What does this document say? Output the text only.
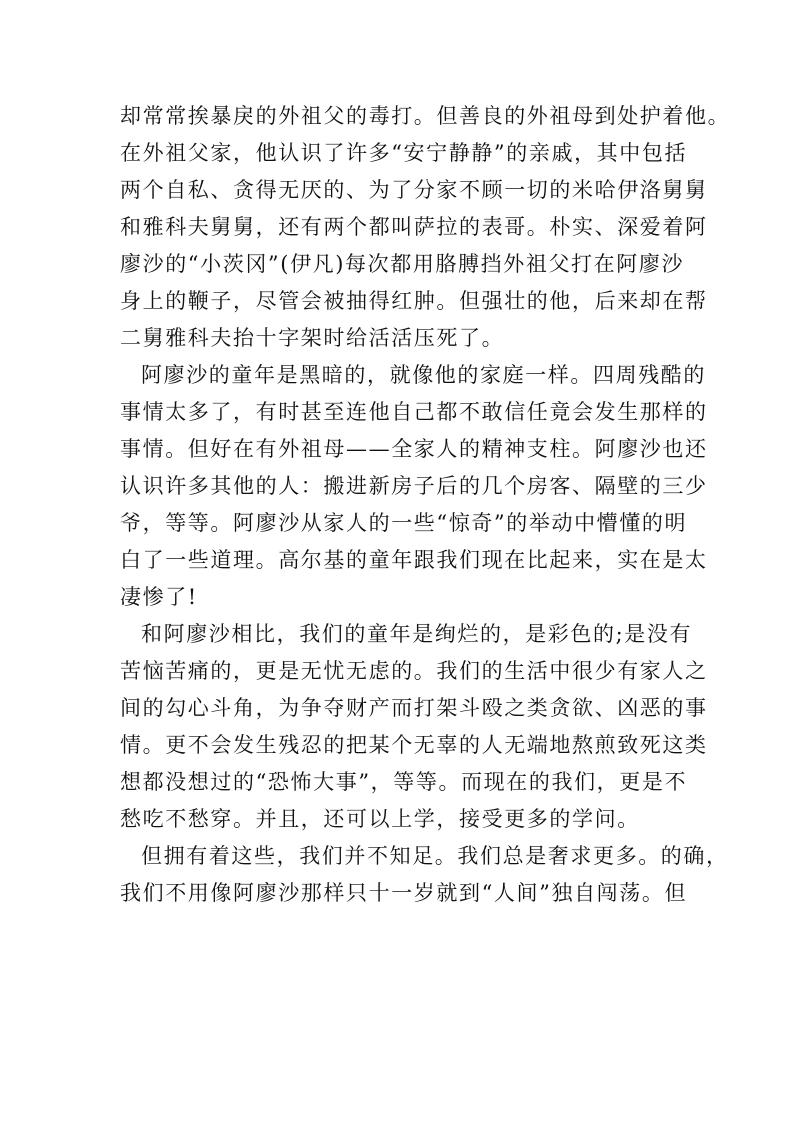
却常常挨暴戾的外祖父的毒打。但善良的外祖母到处护着他。

在外祖父家，他认识了许多“安宁静静”的亲戚，其中包括

两个自私、贪得无厌的、为了分家不顾一切的米哈伊洛舅舅

和雅科夫舅舅，还有两个都叫萨拉的表哥。朴实、深爱着阿

廖沙的“小茨冈”(伊凡)每次都用胳膊挡外祖父打在阿廖沙

身上的鞭子，尽管会被抽得红肿。但强壮的他，后来却在帮

二舅雅科夫抬十字架时给活活压死了。

阿廖沙的童年是黑暗的，就像他的家庭一样。四周残酷的

事情太多了，有时甚至连他自己都不敢信任竟会发生那样的

事情。但好在有外祖母——全家人的精神支柱。阿廖沙也还

认识许多其他的人：搬进新房子后的几个房客、隔壁的三少

爷，等等。阿廖沙从家人的一些“惊奇”的举动中懵懂的明

白了一些道理。高尔基的童年跟我们现在比起来，实在是太

凄惨了!

和阿廖沙相比，我们的童年是绚烂的，是彩色的;是没有

苦恼苦痛的，更是无忧无虑的。我们的生活中很少有家人之

间的勾心斗角，为争夺财产而打架斗殴之类贪欲、凶恶的事

情。更不会发生残忍的把某个无辜的人无端地熬煎致死这类

想都没想过的“恐怖大事”，等等。而现在的我们，更是不

愁吃不愁穿。并且，还可以上学，接受更多的学问。

但拥有着这些，我们并不知足。我们总是奢求更多。的确，

我们不用像阿廖沙那样只十一岁就到“人间”独自闯荡。但
